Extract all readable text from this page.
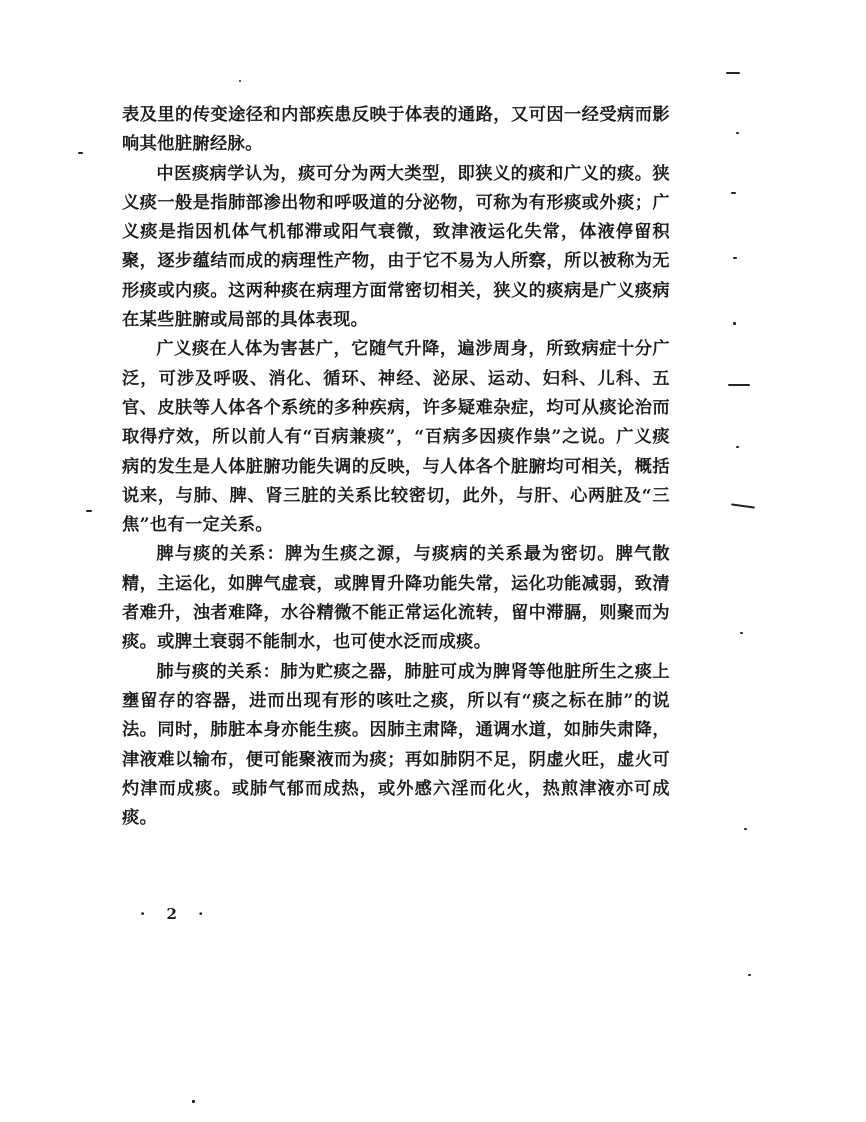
表及里的传变途径和内部疾患反映于体表的通路，又可因一经受病而影响其他脏腑经脉。

中医痰病学认为，痰可分为两大类型，即狭义的痰和广义的痰。狭义痰一般是指肺部渗出物和呼吸道的分泌物，可称为有形痰或外痰；广义痰是指因机体气机郁滞或阳气衰微，致津液运化失常，体液停留积聚，逐步蕴结而成的病理性产物，由于它不易为人所察，所以被称为无形痰或内痰。这两种痰在病理方面常密切相关，狭义的痰病是广义痰病在某些脏腑或局部的具体表现。

广义痰在人体为害甚广，它随气升降，遍涉周身，所致病症十分广泛，可涉及呼吸、消化、循环、神经、泌尿、运动、妇科、儿科、五官、皮肤等人体各个系统的多种疾病，许多疑难杂症，均可从痰论治而取得疗效，所以前人有“百病兼痰”，“百病多因痰作祟”之说。广义痰病的发生是人体脏腑功能失调的反映，与人体各个脏腑均可相关，概括说来，与肺、脾、肾三脏的关系比较密切，此外，与肝、心两脏及“三焦”也有一定关系。

脾与痰的关系：脾为生痰之源，与痰病的关系最为密切。脾气散精，主运化，如脾气虚衰，或脾胃升降功能失常，运化功能减弱，致清者难升，浊者难降，水谷精微不能正常运化流转，留中滞膈，则聚而为痰。或脾土衰弱不能制水，也可使水泛而成痰。

肺与痰的关系：肺为贮痰之器，肺脏可成为脾肾等他脏所生之痰上壅留存的容器，进而出现有形的咳吐之痰，所以有“痰之标在肺”的说法。同时，肺脏本身亦能生痰。因肺主肃降，通调水道，如肺失肃降，津液难以输布，便可能聚液而为痰；再如肺阴不足，阴虚火旺，虚火可灼津而成痰。或肺气郁而成热，或外感六淫而化火，热煎津液亦可成痰。

· 2 ·
